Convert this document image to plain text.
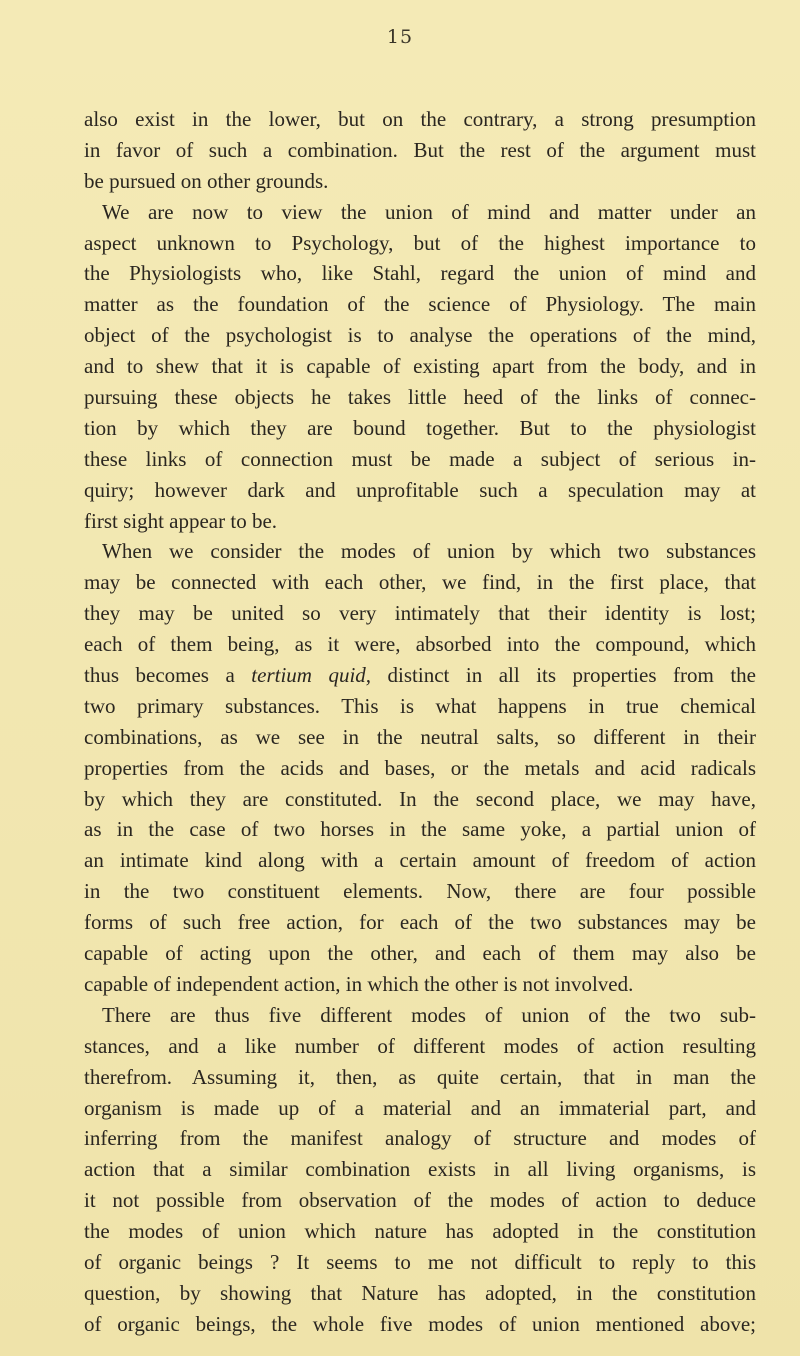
15
also exist in the lower, but on the contrary, a strong presumption
in favor of such a combination. But the rest of the argument must
be pursued on other grounds.
We are now to view the union of mind and matter under an
aspect unknown to Psychology, but of the highest importance to
the Physiologists who, like Stahl, regard the union of mind and
matter as the foundation of the science of Physiology. The main
object of the psychologist is to analyse the operations of the mind,
and to shew that it is capable of existing apart from the body, and in
pursuing these objects he takes little heed of the links of connec-
tion by which they are bound together. But to the physiologist
these links of connection must be made a subject of serious in-
quiry; however dark and unprofitable such a speculation may at
first sight appear to be.
When we consider the modes of union by which two substances
may be connected with each other, we find, in the first place, that
they may be united so very intimately that their identity is lost;
each of them being, as it were, absorbed into the compound, which
thus becomes a tertium quid, distinct in all its properties from the
two primary substances. This is what happens in true chemical
combinations, as we see in the neutral salts, so different in their
properties from the acids and bases, or the metals and acid radicals
by which they are constituted. In the second place, we may have,
as in the case of two horses in the same yoke, a partial union of
an intimate kind along with a certain amount of freedom of action
in the two constituent elements. Now, there are four possible
forms of such free action, for each of the two substances may be
capable of acting upon the other, and each of them may also be
capable of independent action, in which the other is not involved.
There are thus five different modes of union of the two sub-
stances, and a like number of different modes of action resulting
therefrom. Assuming it, then, as quite certain, that in man the
organism is made up of a material and an immaterial part, and
inferring from the manifest analogy of structure and modes of
action that a similar combination exists in all living organisms, is
it not possible from observation of the modes of action to deduce
the modes of union which nature has adopted in the constitution
of organic beings ? It seems to me not difficult to reply to this
question, by showing that Nature has adopted, in the constitution
of organic beings, the whole five modes of union mentioned above;
